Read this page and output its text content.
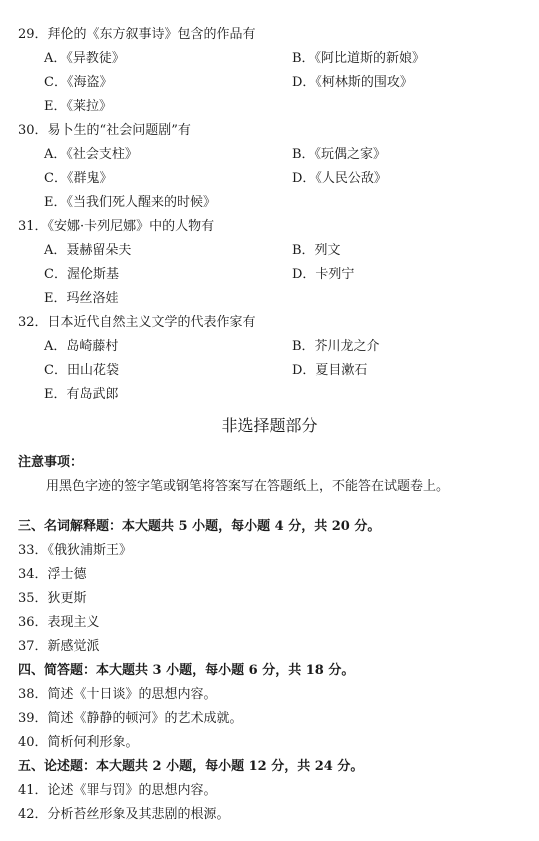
29．拜伦的《东方叙事诗》包含的作品有
A．《异教徒》	B．《阿比道斯的新娘》
C．《海盗》	D．《柯林斯的围攻》
E．《莱拉》
30．易卜生的“社会问题剧”有
A．《社会支柱》	B．《玩偶之家》
C．《群鬼》	D．《人民公敌》
E．《当我们死人醒来的时候》
31．《安娜·卡列尼娜》中的人物有
A．聂赫留朵夫	B．列文
C．渥伦斯基	D．卡列宁
E．玛丝洛娃
32．日本近代自然主义文学的代表作家有
A．岛崎藤村	B．芥川龙之介
C．田山花袋	D．夏目漱石
E．有岛武郎
非选择题部分
注意事项：
用黑色字迹的签字笔或钢笔将答案写在答题纸上，不能答在试题卷上。
三、名词解释题：本大题共 5 小题，每小题 4 分，共 20 分。
33．《俄狄浦斯王》
34．浮士德
35．狄更斯
36．表现主义
37．新感觉派
四、简答题：本大题共 3 小题，每小题 6 分，共 18 分。
38．简述《十日谈》的思想内容。
39．简述《静静的顿河》的艺术成就。
40．简析何利形象。
五、论述题：本大题共 2 小题，每小题 12 分，共 24 分。
41．论述《罪与罚》的思想内容。
42．分析苔丝形象及其悲剧的根源。
